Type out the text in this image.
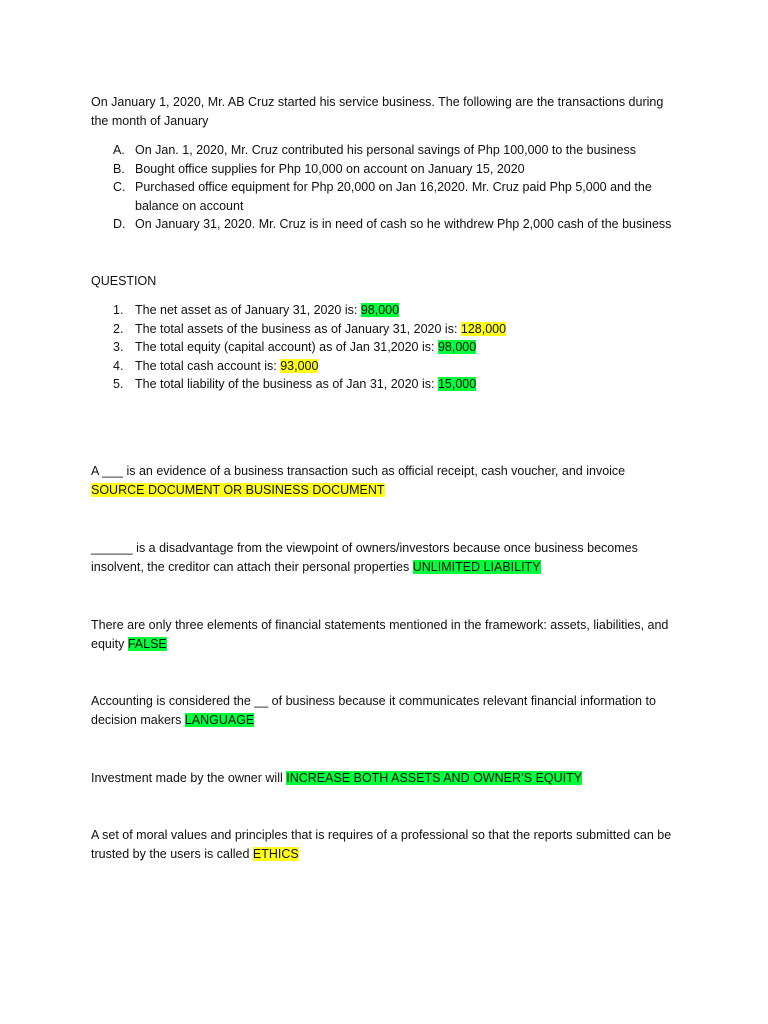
On January 1, 2020, Mr. AB Cruz started his service business. The following are the transactions during the month of January

A. On Jan. 1, 2020, Mr. Cruz contributed his personal savings of Php 100,000 to the business
B. Bought office supplies for Php 10,000 on account on January 15, 2020
C. Purchased office equipment for Php 20,000 on Jan 16,2020. Mr. Cruz paid Php 5,000 and the balance on account
D. On January 31, 2020. Mr. Cruz is in need of cash so he withdrew Php 2,000 cash of the business

QUESTION

1. The net asset as of January 31, 2020 is: 98,000
2. The total assets of the business as of January 31, 2020 is: 128,000
3. The total equity (capital account) as of Jan 31,2020 is: 98,000
4. The total cash account is: 93,000
5. The total liability of the business as of Jan 31, 2020 is: 15,000

A ___ is an evidence of a business transaction such as official receipt, cash voucher, and invoice SOURCE DOCUMENT OR BUSINESS DOCUMENT

______ is a disadvantage from the viewpoint of owners/investors because once business becomes insolvent, the creditor can attach their personal properties UNLIMITED LIABILITY

There are only three elements of financial statements mentioned in the framework: assets, liabilities, and equity FALSE

Accounting is considered the __ of business because it communicates relevant financial information to decision makers LANGUAGE

Investment made by the owner will INCREASE BOTH ASSETS AND OWNER’S EQUITY

A set of moral values and principles that is requires of a professional so that the reports submitted can be trusted by the users is called ETHICS
